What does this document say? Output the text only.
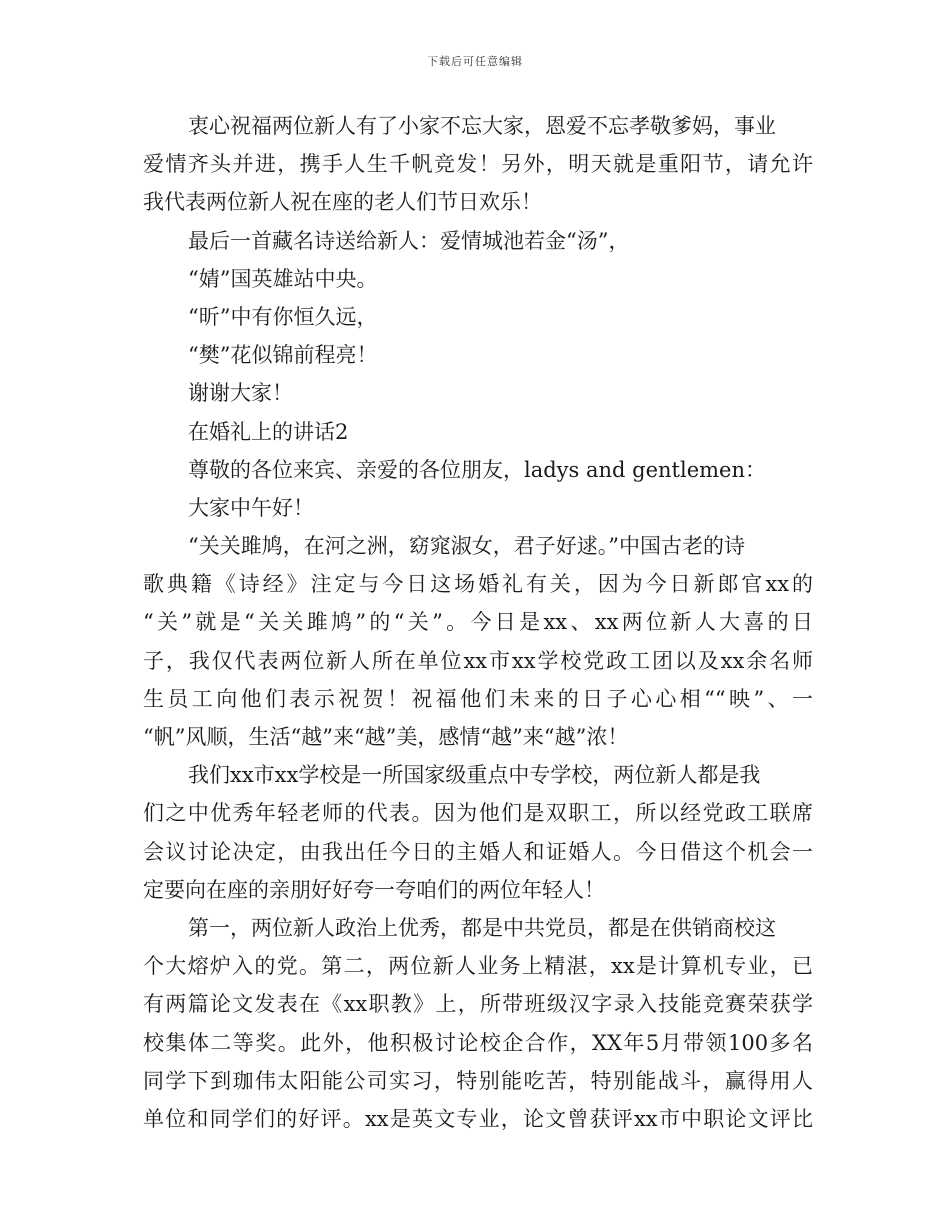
下载后可任意编辑
衷心祝福两位新人有了小家不忘大家，恩爱不忘孝敬爹妈，事业
爱情齐头并进，携手人生千帆竞发！另外，明天就是重阳节，请允许
我代表两位新人祝在座的老人们节日欢乐！
最后一首藏名诗送给新人：爱情城池若金“汤”，
“婧”国英雄站中央。
“昕”中有你恒久远，
“樊”花似锦前程亮！
谢谢大家！
在婚礼上的讲话2
尊敬的各位来宾、亲爱的各位朋友，ladys and gentlemen：
大家中午好！
“关关雎鸠，在河之洲，窈窕淑女，君子好逑。”中国古老的诗
歌典籍《诗经》注定与今日这场婚礼有关，因为今日新郎官xx的
“关”就是“关关雎鸠”的“关”。今日是xx、xx两位新人大喜的日
子，我仅代表两位新人所在单位xx市xx学校党政工团以及xx余名师
生员工向他们表示祝贺！祝福他们未来的日子心心相““映”、一
“帆”风顺，生活“越”来“越”美，感情“越”来“越”浓！
我们xx市xx学校是一所国家级重点中专学校，两位新人都是我
们之中优秀年轻老师的代表。因为他们是双职工，所以经党政工联席
会议讨论决定，由我出任今日的主婚人和证婚人。今日借这个机会一
定要向在座的亲朋好好夸一夸咱们的两位年轻人！
第一，两位新人政治上优秀，都是中共党员，都是在供销商校这
个大熔炉入的党。第二，两位新人业务上精湛，xx是计算机专业，已
有两篇论文发表在《xx职教》上，所带班级汉字录入技能竞赛荣获学
校集体二等奖。此外，他积极讨论校企合作，XX年5月带领100多名
同学下到珈伟太阳能公司实习，特别能吃苦，特别能战斗，赢得用人
单位和同学们的好评。xx是英文专业，论文曾获评xx市中职论文评比
